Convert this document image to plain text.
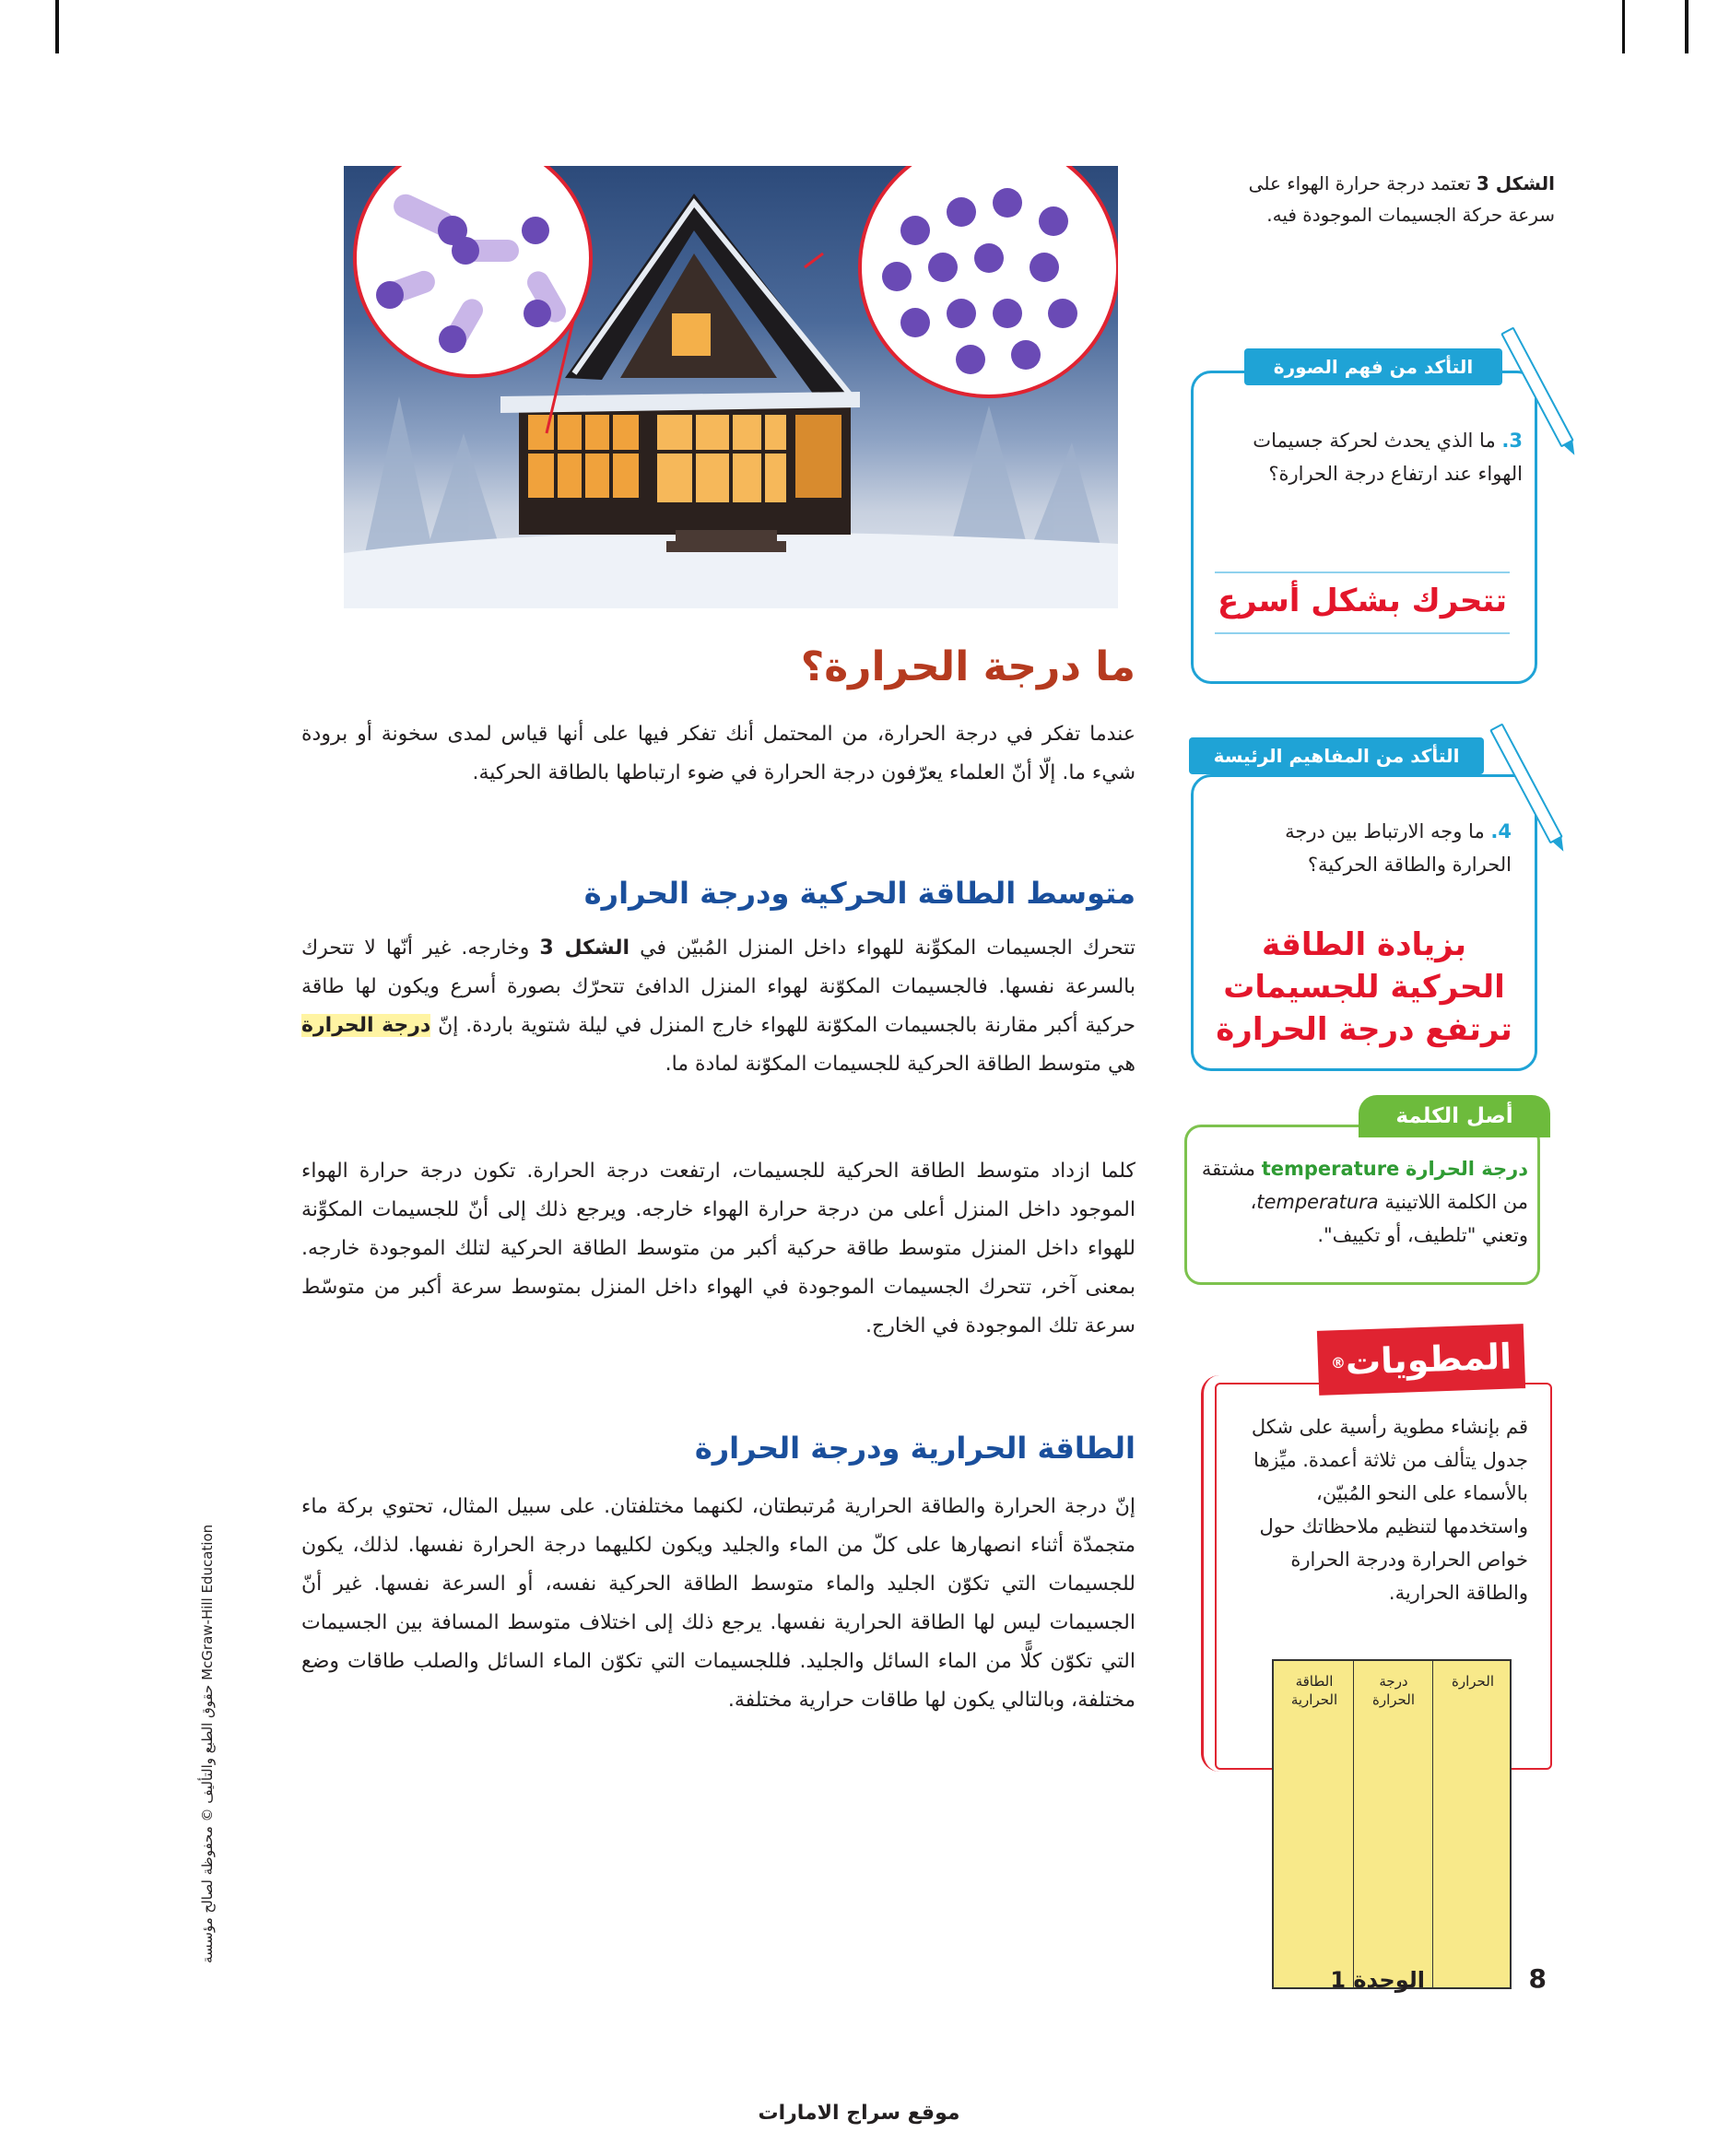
الشكل 3 تعتمد درجة حرارة الهواء على سرعة حركة الجسيمات الموجودة فيه.
التأكد من فهم الصورة
3. ما الذي يحدث لحركة جسيمات الهواء عند ارتفاع درجة الحرارة؟
تتحرك بشكل أسرع
التأكد من المفاهيم الرئيسة
4. ما وجه الارتباط بين درجة الحرارة والطاقة الحركية؟
بزيادة الطاقة الحركية للجسيمات ترتفع درجة الحرارة
أصل الكلمة
درجة الحرارة temperature مشتقة من الكلمة اللاتينية temperatura، وتعني "تلطيف، أو تكييف".
المطويات
®
قم بإنشاء مطوية رأسية على شكل جدول يتألف من ثلاثة أعمدة. ميِّزها بالأسماء على النحو المُبيّن، واستخدمها لتنظيم ملاحظاتك حول خواص الحرارة ودرجة الحرارة والطاقة الحرارية.
الحرارة
درجة الحرارة
الطاقة الحرارية
ما درجة الحرارة؟
عندما تفكر في درجة الحرارة، من المحتمل أنك تفكر فيها على أنها قياس لمدى سخونة أو برودة شيء ما. إلّا أنّ العلماء يعرّفون درجة الحرارة في ضوء ارتباطها بالطاقة الحركية.
متوسط الطاقة الحركية ودرجة الحرارة
تتحرك الجسيمات المكوِّنة للهواء داخل المنزل المُبيّن في الشكل 3 وخارجه. غير أنّها لا تتحرك بالسرعة نفسها. فالجسيمات المكوّنة لهواء المنزل الدافئ تتحرّك بصورة أسرع ويكون لها طاقة حركية أكبر مقارنة بالجسيمات المكوّنة للهواء خارج المنزل في ليلة شتوية باردة. إنّ درجة الحرارة هي متوسط الطاقة الحركية للجسيمات المكوّنة لمادة ما.
كلما ازداد متوسط الطاقة الحركية للجسيمات، ارتفعت درجة الحرارة. تكون درجة حرارة الهواء الموجود داخل المنزل أعلى من درجة حرارة الهواء خارجه. ويرجع ذلك إلى أنّ للجسيمات المكوِّنة للهواء داخل المنزل متوسط طاقة حركية أكبر من متوسط الطاقة الحركية لتلك الموجودة خارجه. بمعنى آخر، تتحرك الجسيمات الموجودة في الهواء داخل المنزل بمتوسط سرعة أكبر من متوسّط سرعة تلك الموجودة في الخارج.
الطاقة الحرارية ودرجة الحرارة
إنّ درجة الحرارة والطاقة الحرارية مُرتبطتان، لكنهما مختلفتان. على سبيل المثال، تحتوي بركة ماء متجمدّة أثناء انصهارها على كلّ من الماء والجليد ويكون لكليهما درجة الحرارة نفسها. لذلك، يكون للجسيمات التي تكوّن الجليد والماء متوسط الطاقة الحركية نفسه، أو السرعة نفسها. غير أنّ الجسيمات ليس لها الطاقة الحرارية نفسها. يرجع ذلك إلى اختلاف متوسط المسافة بين الجسيمات التي تكوّن كلًّا من الماء السائل والجليد. فللجسيمات التي تكوّن الماء السائل والصلب طاقات وضع مختلفة، وبالتالي يكون لها طاقات حرارية مختلفة.
حقوق الطبع والتأليف © محفوظة لصالح مؤسسة McGraw-Hill Education
الوحدة 1	8
موقع سراج الامارات
